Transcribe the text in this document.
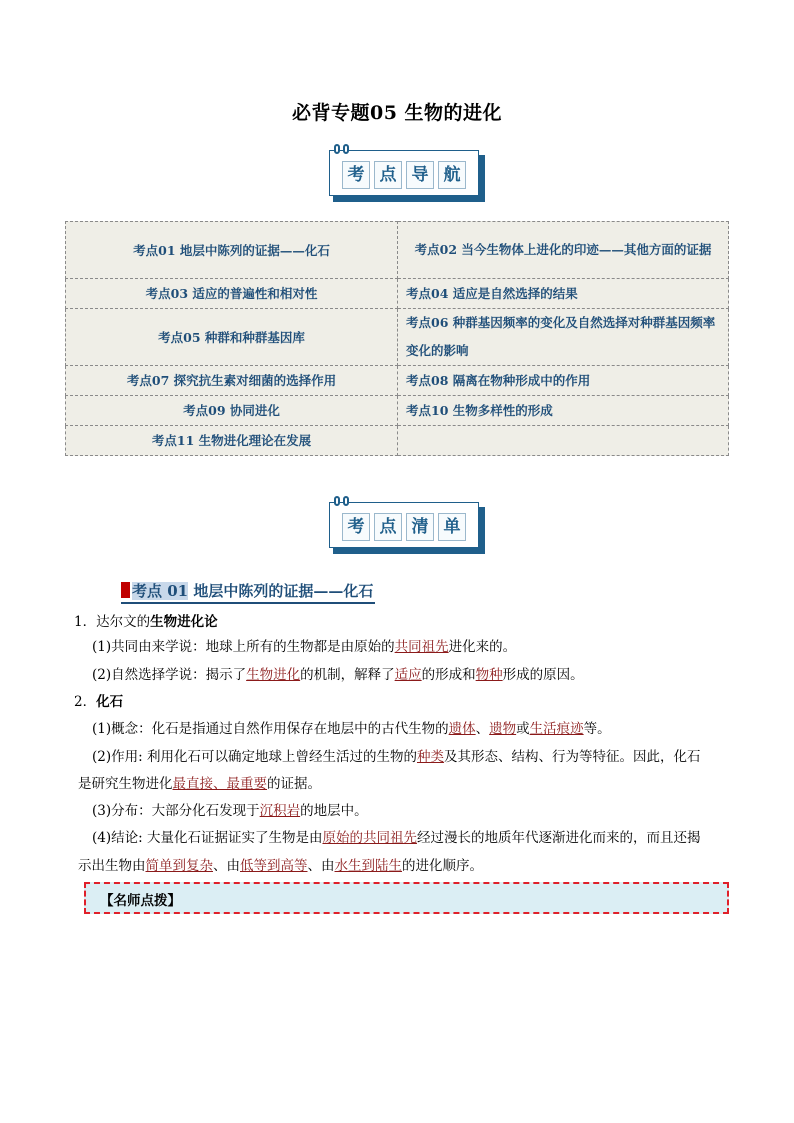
必背专题05 生物的进化
考 点 导 航
考点01 地层中陈列的证据——化石	考点02 当今生物体上进化的印迹——其他方面的证据
考点03 适应的普遍性和相对性	考点04 适应是自然选择的结果
考点05 种群和种群基因库	考点06 种群基因频率的变化及自然选择对种群基因频率变化的影响
考点07 探究抗生素对细菌的选择作用	考点08 隔离在物种形成中的作用
考点09 协同进化	考点10 生物多样性的形成
考点11 生物进化理论在发展	
考 点 清 单
考点 01 地层中陈列的证据——化石
1．达尔文的生物进化论
(1)共同由来学说：地球上所有的生物都是由原始的共同祖先进化来的。
(2)自然选择学说：揭示了生物进化的机制，解释了适应的形成和物种形成的原因。
2．化石
(1)概念：化石是指通过自然作用保存在地层中的古代生物的遗体、遗物或生活痕迹等。
(2)作用: 利用化石可以确定地球上曾经生活过的生物的种类及其形态、结构、行为等特征。因此，化石
是研究生物进化最直接、最重要的证据。
(3)分布：大部分化石发现于沉积岩的地层中。
(4)结论: 大量化石证据证实了生物是由原始的共同祖先经过漫长的地质年代逐渐进化而来的，而且还揭
示出生物由简单到复杂、由低等到高等、由水生到陆生的进化顺序。
【名师点拨】
